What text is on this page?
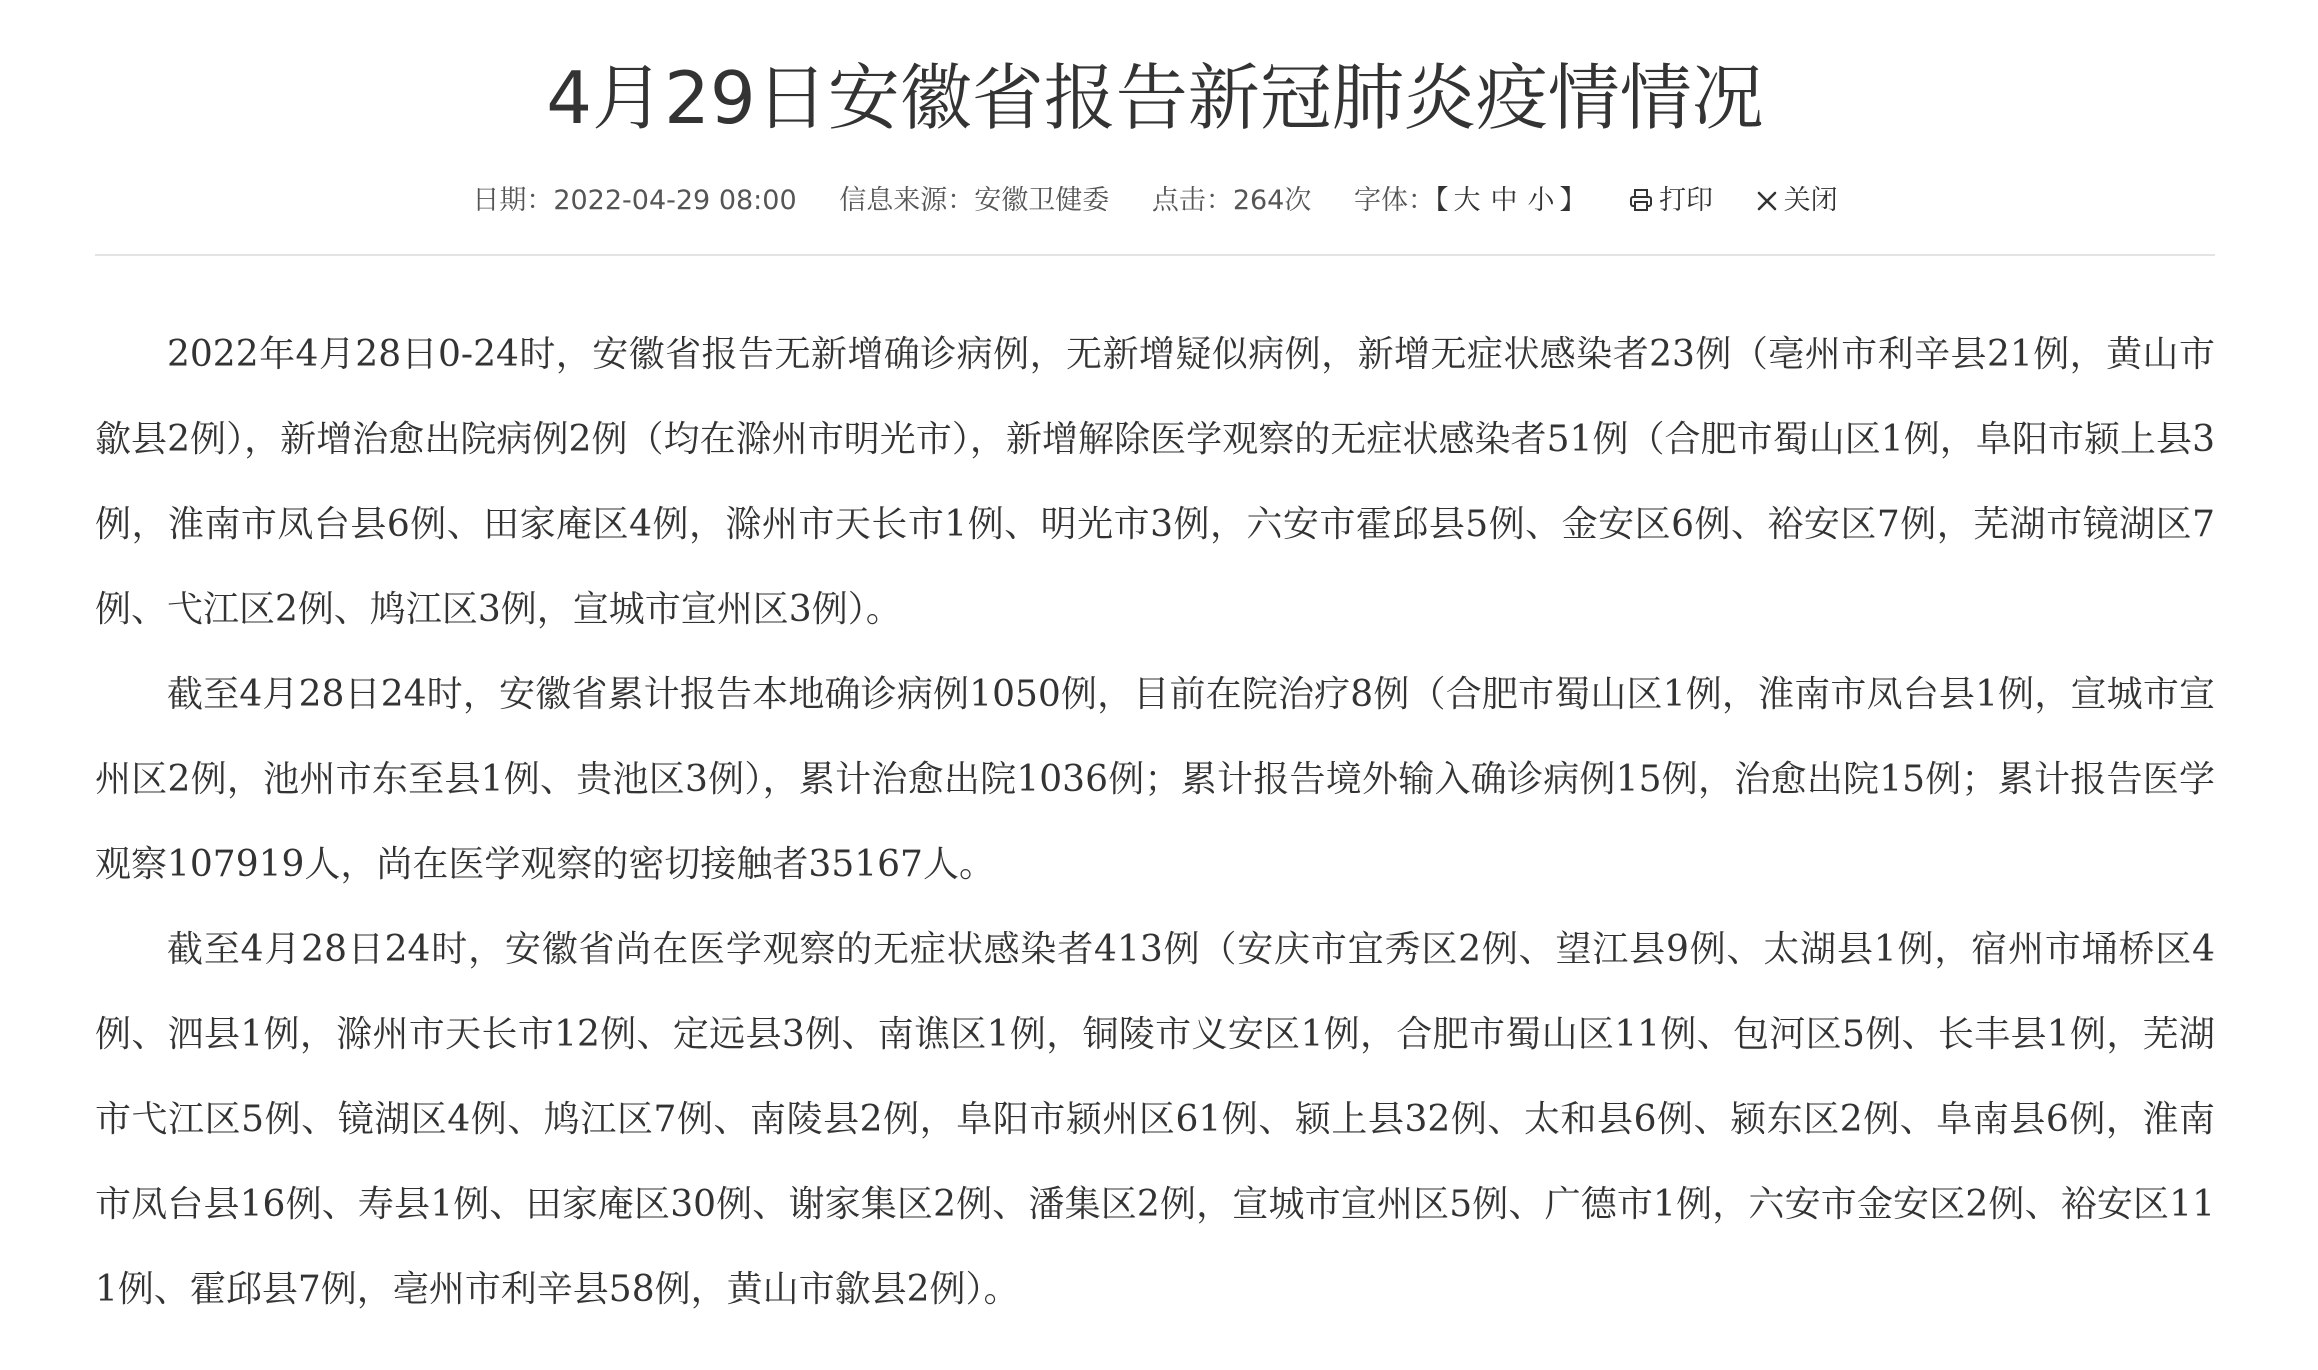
4月29日安徽省报告新冠肺炎疫情情况
日期：2022-04-29 08:00 信息来源：安徽卫健委 点击：264次 字体：【 大 中 小 】	打印	关闭

2022年4月28日0-24时，安徽省报告无新增确诊病例，无新增疑似病例，新增无症状感染者23例（亳州市利辛县21例，黄山市歙县2例），新增治愈出院病例2例（均在滁州市明光市），新增解除医学观察的无症状感染者51例（合肥市蜀山区1例，阜阳市颍上县3例，淮南市凤台县6例、田家庵区4例，滁州市天长市1例、明光市3例，六安市霍邱县5例、金安区6例、裕安区7例，芜湖市镜湖区7例、弋江区2例、鸠江区3例，宣城市宣州区3例）。

截至4月28日24时，安徽省累计报告本地确诊病例1050例，目前在院治疗8例（合肥市蜀山区1例，淮南市凤台县1例，宣城市宣州区2例，池州市东至县1例、贵池区3例），累计治愈出院1036例；累计报告境外输入确诊病例15例，治愈出院15例；累计报告医学观察107919人，尚在医学观察的密切接触者35167人。

截至4月28日24时，安徽省尚在医学观察的无症状感染者413例（安庆市宜秀区2例、望江县9例、太湖县1例，宿州市埇桥区4例、泗县1例，滁州市天长市12例、定远县3例、南谯区1例，铜陵市义安区1例，合肥市蜀山区11例、包河区5例、长丰县1例，芜湖市弋江区5例、镜湖区4例、鸠江区7例、南陵县2例，阜阳市颍州区61例、颍上县32例、太和县6例、颍东区2例、阜南县6例，淮南市凤台县16例、寿县1例、田家庵区30例、谢家集区2例、潘集区2例，宣城市宣州区5例、广德市1例，六安市金安区2例、裕安区111例、霍邱县7例，亳州市利辛县58例，黄山市歙县2例）。
